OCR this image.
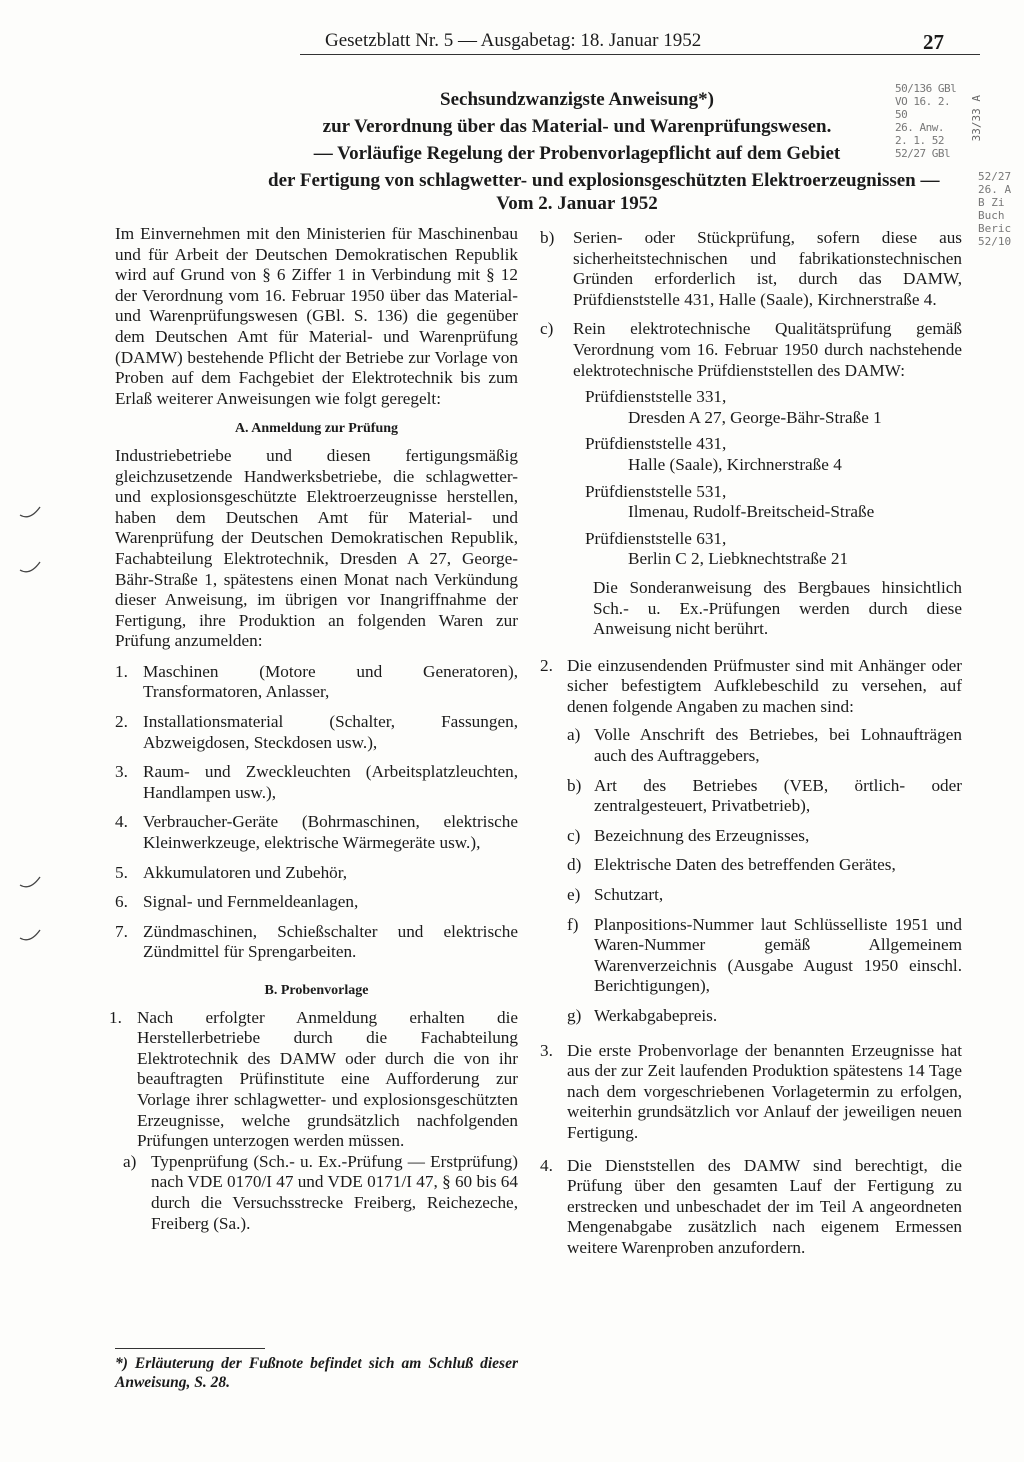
Gesetzblatt Nr. 5 — Ausgabetag: 18. Januar 1952	27
50/136 GBl
VO 16. 2. 50
26. Anw.
2. 1. 52
52/27 GBl
33/33 A
52/27
26. A
B Zi
Buch
Beric
52/10
Sechsundzwanzigste Anweisung*)
zur Verordnung über das Material- und Warenprüfungswesen.
— Vorläufige Regelung der Probenvorlagepflicht auf dem Gebiet
der Fertigung von schlagwetter- und explosionsgeschützten Elektroerzeugnissen —
Vom 2. Januar 1952

Im Einvernehmen mit den Ministerien für Maschinenbau und für Arbeit der Deutschen Demokratischen Republik wird auf Grund von § 6 Ziffer 1 in Verbindung mit § 12 der Verordnung vom 16. Februar 1950 über das Material- und Warenprüfungswesen (GBl. S. 136) die gegenüber dem Deutschen Amt für Material- und Warenprüfung (DAMW) bestehende Pflicht der Betriebe zur Vorlage von Proben auf dem Fachgebiet der Elektrotechnik bis zum Erlaß weiterer Anweisungen wie folgt geregelt:

A. Anmeldung zur Prüfung

Industriebetriebe und diesen fertigungsmäßig gleichzusetzende Handwerksbetriebe, die schlagwetter- und explosionsgeschützte Elektroerzeugnisse herstellen, haben dem Deutschen Amt für Material- und Warenprüfung der Deutschen Demokratischen Republik, Fachabteilung Elektrotechnik, Dresden A 27, George-Bähr-Straße 1, spätestens einen Monat nach Verkündung dieser Anweisung, im übrigen vor Inangriffnahme der Fertigung, ihre Produktion an folgenden Waren zur Prüfung anzumelden:

1. Maschinen (Motore und Generatoren), Transformatoren, Anlasser,
2. Installationsmaterial (Schalter, Fassungen, Abzweigdosen, Steckdosen usw.),
3. Raum- und Zweckleuchten (Arbeitsplatzleuchten, Handlampen usw.),
4. Verbraucher-Geräte (Bohrmaschinen, elektrische Kleinwerkzeuge, elektrische Wärmegeräte usw.),
5. Akkumulatoren und Zubehör,
6. Signal- und Fernmeldeanlagen,
7. Zündmaschinen, Schießschalter und elektrische Zündmittel für Sprengarbeiten.
B. Probenvorlage
1. Nach erfolgter Anmeldung erhalten die Herstellerbetriebe durch die Fachabteilung Elektrotechnik des DAMW oder durch die von ihr beauftragten Prüfinstitute eine Aufforderung zur Vorlage ihrer schlagwetter- und explosionsgeschützten Erzeugnisse, welche grundsätzlich nachfolgenden Prüfungen unterzogen werden müssen.
a) Typenprüfung (Sch.- u. Ex.-Prüfung — Erstprüfung) nach VDE 0170/I 47 und VDE 0171/I 47, § 60 bis 64 durch die Versuchsstrecke Freiberg, Reichezeche, Freiberg (Sa.).
*) Erläuterung der Fußnote befindet sich am Schluß dieser Anweisung, S. 28.
b) Serien- oder Stückprüfung, sofern diese aus sicherheitstechnischen und fabrikationstechnischen Gründen erforderlich ist, durch das DAMW, Prüfdienststelle 431, Halle (Saale), Kirchnerstraße 4.
c) Rein elektrotechnische Qualitätsprüfung gemäß Verordnung vom 16. Februar 1950 durch nachstehende elektrotechnische Prüfdienststellen des DAMW:

Prüfdienststelle 331,

Dresden A 27, George-Bähr-Straße 1

Prüfdienststelle 431,

Halle (Saale), Kirchnerstraße 4

Prüfdienststelle 531,

Ilmenau, Rudolf-Breitscheid-Straße

Prüfdienststelle 631,

Berlin C 2, Liebknechtstraße 21

Die Sonderanweisung des Bergbaues hinsichtlich Sch.- u. Ex.-Prüfungen werden durch diese Anweisung nicht berührt.

2. Die einzusendenden Prüfmuster sind mit Anhänger oder sicher befestigtem Aufklebeschild zu versehen, auf denen folgende Angaben zu machen sind:
a) Volle Anschrift des Betriebes, bei Lohnaufträgen auch des Auftraggebers,
b) Art des Betriebes (VEB, örtlich- oder zentralgesteuert, Privatbetrieb),
c) Bezeichnung des Erzeugnisses,
d) Elektrische Daten des betreffenden Gerätes,
e) Schutzart,
f) Planpositions-Nummer laut Schlüsselliste 1951 und Waren-Nummer gemäß Allgemeinem Warenverzeichnis (Ausgabe August 1950 einschl. Berichtigungen),
g) Werkabgabepreis.
3. Die erste Probenvorlage der benannten Erzeugnisse hat aus der zur Zeit laufenden Produktion spätestens 14 Tage nach dem vorgeschriebenen Vorlagetermin zu erfolgen, weiterhin grundsätzlich vor Anlauf der jeweiligen neuen Fertigung.
4. Die Dienststellen des DAMW sind berechtigt, die Prüfung über den gesamten Lauf der Fertigung zu erstrecken und unbeschadet der im Teil A angeordneten Mengenabgabe zusätzlich nach eigenem Ermessen weitere Warenproben anzufordern.
